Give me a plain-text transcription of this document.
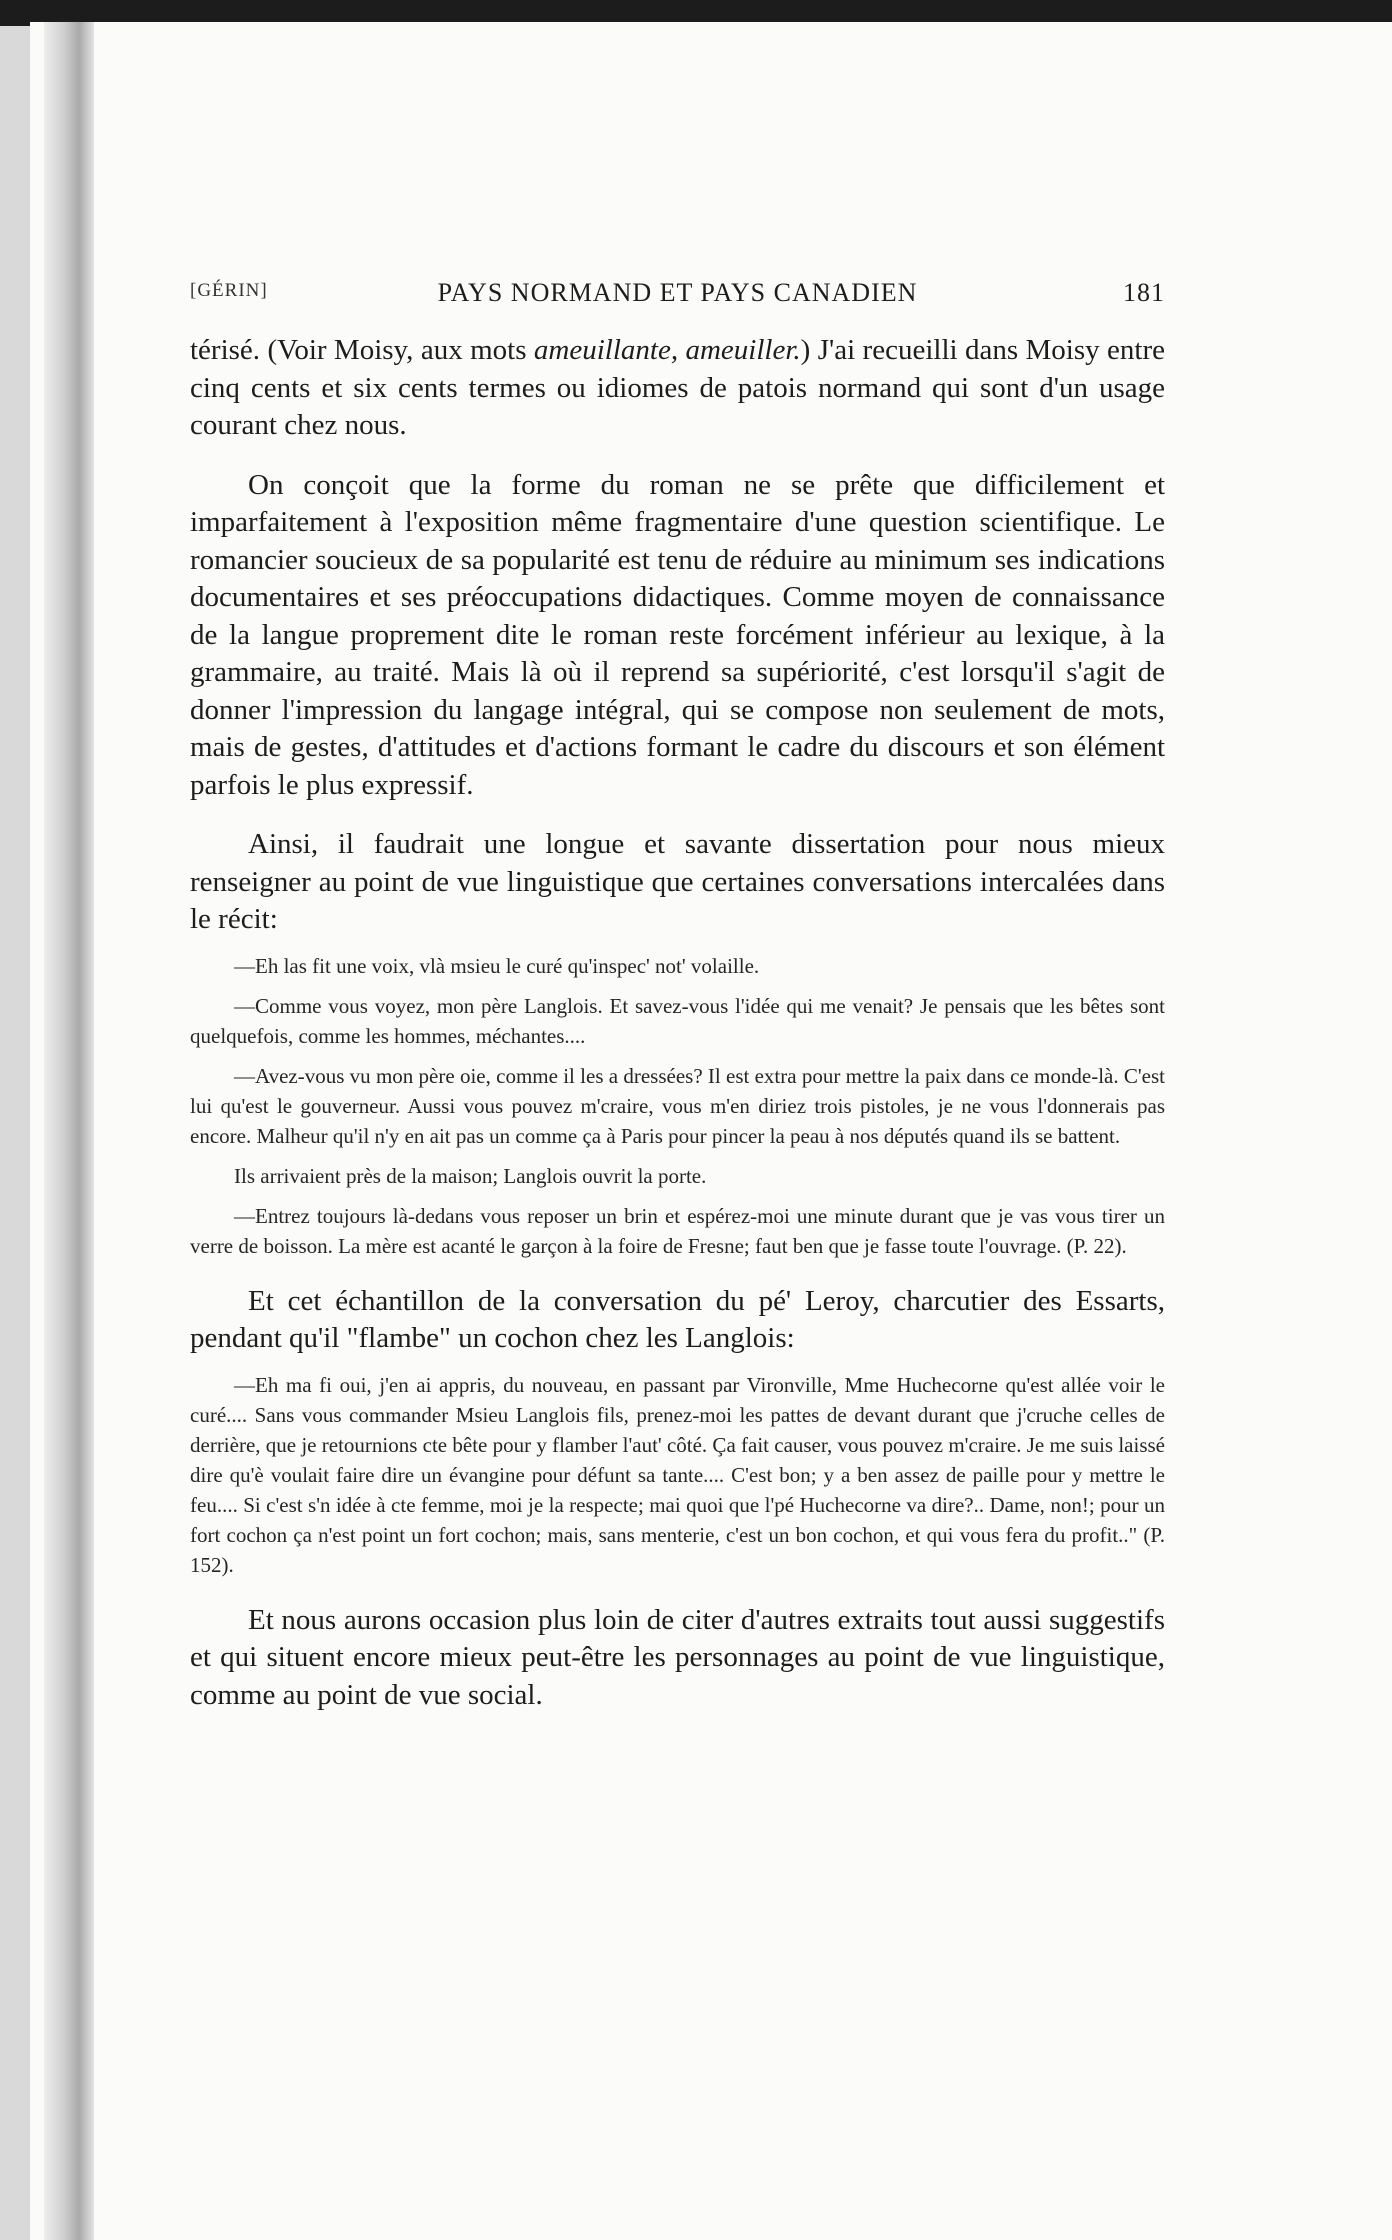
[GÉRIN]	PAYS NORMAND ET PAYS CANADIEN	181

térisé. (Voir Moisy, aux mots ameuillante, ameuiller.) J'ai recueilli dans Moisy entre cinq cents et six cents termes ou idiomes de patois normand qui sont d'un usage courant chez nous.

On conçoit que la forme du roman ne se prête que difficilement et imparfaitement à l'exposition même fragmentaire d'une question scientifique. Le romancier soucieux de sa popularité est tenu de réduire au minimum ses indications documentaires et ses préoccupations didactiques. Comme moyen de connaissance de la langue proprement dite le roman reste forcément inférieur au lexique, à la grammaire, au traité. Mais là où il reprend sa supériorité, c'est lorsqu'il s'agit de donner l'impression du langage intégral, qui se compose non seulement de mots, mais de gestes, d'attitudes et d'actions formant le cadre du discours et son élément parfois le plus expressif.

Ainsi, il faudrait une longue et savante dissertation pour nous mieux renseigner au point de vue linguistique que certaines conversations intercalées dans le récit:

—Eh las fit une voix, vlà msieu le curé qu'inspec' not' volaille.

—Comme vous voyez, mon père Langlois. Et savez-vous l'idée qui me venait? Je pensais que les bêtes sont quelquefois, comme les hommes, méchantes....

—Avez-vous vu mon père oie, comme il les a dressées? Il est extra pour mettre la paix dans ce monde-là. C'est lui qu'est le gouverneur. Aussi vous pouvez m'craire, vous m'en diriez trois pistoles, je ne vous l'donnerais pas encore. Malheur qu'il n'y en ait pas un comme ça à Paris pour pincer la peau à nos députés quand ils se battent.

Ils arrivaient près de la maison; Langlois ouvrit la porte.

—Entrez toujours là-dedans vous reposer un brin et espérez-moi une minute durant que je vas vous tirer un verre de boisson. La mère est acanté le garçon à la foire de Fresne; faut ben que je fasse toute l'ouvrage. (P. 22).

Et cet échantillon de la conversation du pé' Leroy, charcutier des Essarts, pendant qu'il "flambe" un cochon chez les Langlois:

—Eh ma fi oui, j'en ai appris, du nouveau, en passant par Vironville, Mme Huchecorne qu'est allée voir le curé.... Sans vous commander Msieu Langlois fils, prenez-moi les pattes de devant durant que j'cruche celles de derrière, que je retournions cte bête pour y flamber l'aut' côté. Ça fait causer, vous pouvez m'craire. Je me suis laissé dire qu'è voulait faire dire un évangine pour défunt sa tante.... C'est bon; y a ben assez de paille pour y mettre le feu.... Si c'est s'n idée à cte femme, moi je la respecte; mai quoi que l'pé Huchecorne va dire?.. Dame, non!; pour un fort cochon ça n'est point un fort cochon; mais, sans menterie, c'est un bon cochon, et qui vous fera du profit.." (P. 152).

Et nous aurons occasion plus loin de citer d'autres extraits tout aussi suggestifs et qui situent encore mieux peut-être les personnages au point de vue linguistique, comme au point de vue social.
